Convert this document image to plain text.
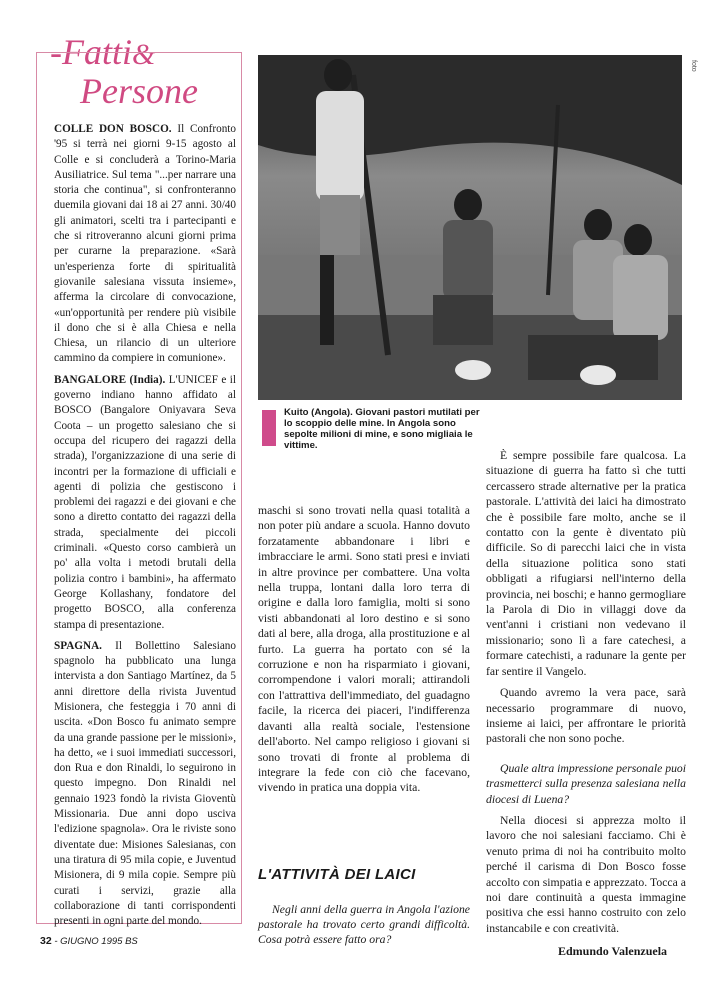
-Fatti&
Persone

COLLE DON BOSCO. Il Confronto '95 si terrà nei giorni 9-15 agosto al Colle e si concluderà a Torino-Maria Ausiliatrice. Sul tema "...per narrare una storia che continua", si confronteranno duemila giovani dai 18 ai 27 anni. 30/40 gli animatori, scelti tra i partecipanti e che si ritroveranno alcuni giorni prima per curarne la preparazione. «Sarà un'esperienza forte di spiritualità giovanile salesiana vissuta insieme», afferma la circolare di convocazione, «un'opportunità per rendere più visibile il dono che si è alla Chiesa e nella Chiesa, un rilancio di un ulteriore cammino da compiere in comunione».

BANGALORE (India). L'UNICEF e il governo indiano hanno affidato al BOSCO (Bangalore Oniyavara Seva Coota – un progetto salesiano che si occupa del ricupero dei ragazzi della strada), l'organizzazione di una serie di incontri per la formazione di ufficiali e agenti di polizia che gestiscono i problemi dei ragazzi e dei giovani e che sono a diretto contatto dei ragazzi della strada, specialmente dei piccoli criminali. «Questo corso cambierà un po' alla volta i metodi brutali della polizia contro i bambini», ha affermato George Kollashany, fondatore del progetto BOSCO, alla conferenza stampa di presentazione.

SPAGNA. Il Bollettino Salesiano spagnolo ha pubblicato una lunga intervista a don Santiago Martínez, da 5 anni direttore della rivista Juventud Misionera, che festeggia i 70 anni di uscita. «Don Bosco fu animato sempre da una grande passione per le missioni», ha detto, «e i suoi immediati successori, don Rua e don Rinaldi, lo seguirono in questo impegno. Don Rinaldi nel gennaio 1923 fondò la rivista Gioventù Missionaria. Due anni dopo usciva l'edizione spagnola». Ora le riviste sono diventate due: Misiones Salesianas, con una tiratura di 95 mila copie, e Juventud Misionera, di 9 mila copie. Sempre più curati i servizi, grazie alla collaborazione di tanti corrispondenti presenti in ogni parte del mondo.

foto
Kuito (Angola). Giovani pastori mutilati per lo scoppio delle mine. In Angola sono sepolte milioni di mine, e sono migliaia le vittime.

maschi si sono trovati nella quasi totalità a non poter più andare a scuola. Hanno dovuto forzatamente abbandonare i libri e imbracciare le armi. Sono stati presi e inviati in altre province per combattere. Una volta nella truppa, lontani dalla loro terra di origine e dalla loro famiglia, molti si sono visti abbandonati al loro destino e si sono dati al bere, alla droga, alla prostituzione e al furto. La guerra ha portato con sé la corruzione e non ha risparmiato i giovani, corrompendone i valori morali; attirandoli con l'attrattiva dell'immediato, del guadagno facile, la ricerca dei piaceri, l'indifferenza davanti alla realtà sociale, l'estensione dell'aborto. Nel campo religioso i giovani si sono trovati di fronte al problema di integrare la fede con ciò che facevano, vivendo in pratica una doppia vita.

L'ATTIVITÀ DEI LAICI
Negli anni della guerra in Angola l'azione pastorale ha trovato certo grandi difficoltà. Cosa potrà essere fatto ora?

È sempre possibile fare qualcosa. La situazione di guerra ha fatto sì che tutti cercassero strade alternative per la pratica pastorale. L'attività dei laici ha dimostrato che è possibile fare molto, anche se il contatto con la gente è diventato più difficile. So di parecchi laici che in vista della situazione politica sono stati obbligati a rifugiarsi nell'interno della provincia, nei boschi; e hanno germogliare la Parola di Dio in villaggi dove da vent'anni i cristiani non vedevano il missionario; sono lì a fare catechesi, a formare catechisti, a radunare la gente per far sentire il Vangelo.

Quando avremo la vera pace, sarà necessario programmare di nuovo, insieme ai laici, per affrontare le priorità pastorali che non sono poche.

Quale altra impressione personale puoi trasmetterci sulla presenza salesiana nella diocesi di Luena?

Nella diocesi si apprezza molto il lavoro che noi salesiani facciamo. Chi è venuto prima di noi ha contribuito molto perché il carisma di Don Bosco fosse accolto con simpatia e apprezzato. Tocca a noi dare continuità a questa immagine positiva che essi hanno costruito con zelo instancabile e con creatività.

Edmundo Valenzuela
32 - GIUGNO 1995 BS
